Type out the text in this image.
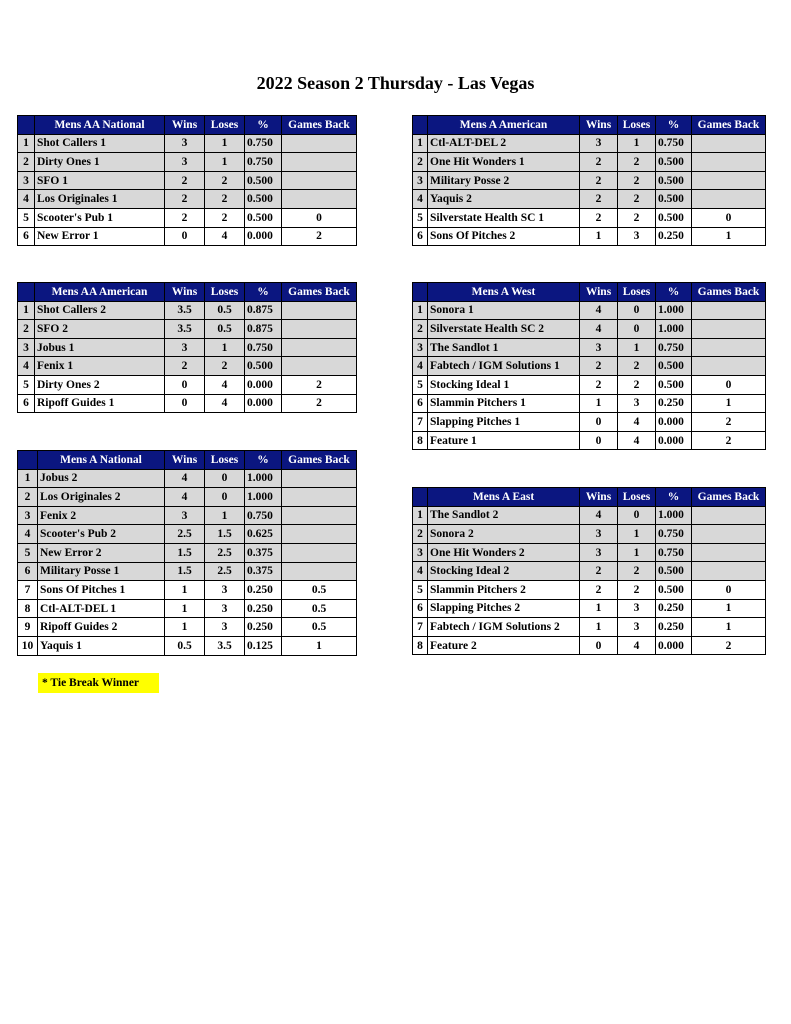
2022 Season 2 Thursday - Las Vegas
	Mens AA National	Wins	Loses	%	Games Back
1	Shot Callers 1	3	1	0.750	
2	Dirty Ones 1	3	1	0.750	
3	SFO 1	2	2	0.500	
4	Los Originales 1	2	2	0.500	
5	Scooter's Pub 1	2	2	0.500	0
6	New Error 1	0	4	0.000	2
	Mens AA American	Wins	Loses	%	Games Back
1	Shot Callers 2	3.5	0.5	0.875	
2	SFO 2	3.5	0.5	0.875	
3	Jobus 1	3	1	0.750	
4	Fenix 1	2	2	0.500	
5	Dirty Ones 2	0	4	0.000	2
6	Ripoff Guides 1	0	4	0.000	2
	Mens A National	Wins	Loses	%	Games Back
1	Jobus 2	4	0	1.000	
2	Los Originales 2	4	0	1.000	
3	Fenix 2	3	1	0.750	
4	Scooter's Pub 2	2.5	1.5	0.625	
5	New Error 2	1.5	2.5	0.375	
6	Military Posse 1	1.5	2.5	0.375	
7	Sons Of Pitches 1	1	3	0.250	0.5
8	Ctl-ALT-DEL 1	1	3	0.250	0.5
9	Ripoff Guides 2	1	3	0.250	0.5
10	Yaquis 1	0.5	3.5	0.125	1
	Mens A American	Wins	Loses	%	Games Back
1	Ctl-ALT-DEL 2	3	1	0.750	
2	One Hit Wonders 1	2	2	0.500	
3	Military Posse 2	2	2	0.500	
4	Yaquis 2	2	2	0.500	
5	Silverstate Health SC 1	2	2	0.500	0
6	Sons Of Pitches 2	1	3	0.250	1
	Mens A West	Wins	Loses	%	Games Back
1	Sonora 1	4	0	1.000	
2	Silverstate Health SC 2	4	0	1.000	
3	The Sandlot 1	3	1	0.750	
4	Fabtech / IGM Solutions 1	2	2	0.500	
5	Stocking Ideal 1	2	2	0.500	0
6	Slammin Pitchers 1	1	3	0.250	1
7	Slapping Pitches 1	0	4	0.000	2
8	Feature 1	0	4	0.000	2
	Mens A East	Wins	Loses	%	Games Back
1	The Sandlot 2	4	0	1.000	
2	Sonora 2	3	1	0.750	
3	One Hit Wonders 2	3	1	0.750	
4	Stocking Ideal 2	2	2	0.500	
5	Slammin Pitchers 2	2	2	0.500	0
6	Slapping Pitches 2	1	3	0.250	1
7	Fabtech / IGM Solutions 2	1	3	0.250	1
8	Feature 2	0	4	0.000	2
* Tie Break Winner
